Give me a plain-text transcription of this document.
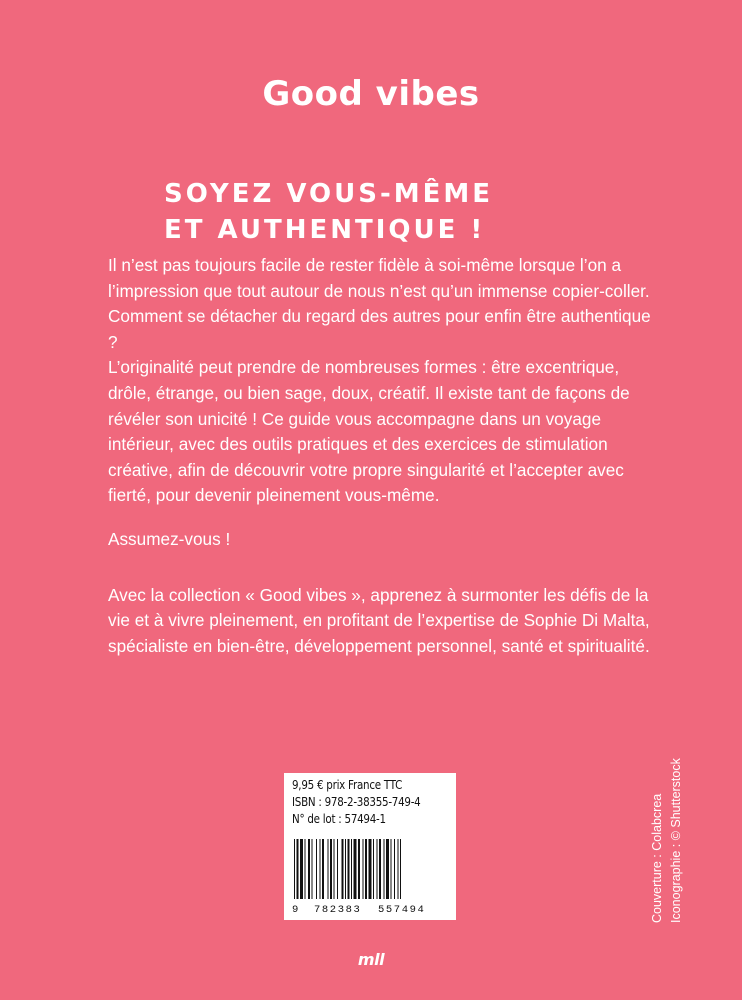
Good vibes
SOYEZ VOUS-MÊME
ET AUTHENTIQUE !

Il n’est pas toujours facile de rester fidèle à soi-même lorsque l’on a l’impression que tout autour de nous n’est qu’un immense copier-coller. Comment se détacher du regard des autres pour enfin être authentique ?

L’originalité peut prendre de nombreuses formes : être excentrique, drôle, étrange, ou bien sage, doux, créatif. Il existe tant de façons de révéler son unicité ! Ce guide vous accompagne dans un voyage intérieur, avec des outils pratiques et des exercices de stimulation créative, afin de découvrir votre propre singularité et l’accepter avec fierté, pour devenir pleinement vous-même.

Assumez-vous !

Avec la collection « Good vibes », apprenez à surmonter les défis de la vie et à vivre pleinement, en profitant de l’expertise de Sophie Di Malta, spécialiste en bien-être, développement personnel, santé et spiritualité.

9,95 € prix France TTC
ISBN : 978-2-38355-749-4
N° de lot : 57494-1
9 782383 557494	Couverture : Colabcrea Iconographie : © Shutterstock
mll
